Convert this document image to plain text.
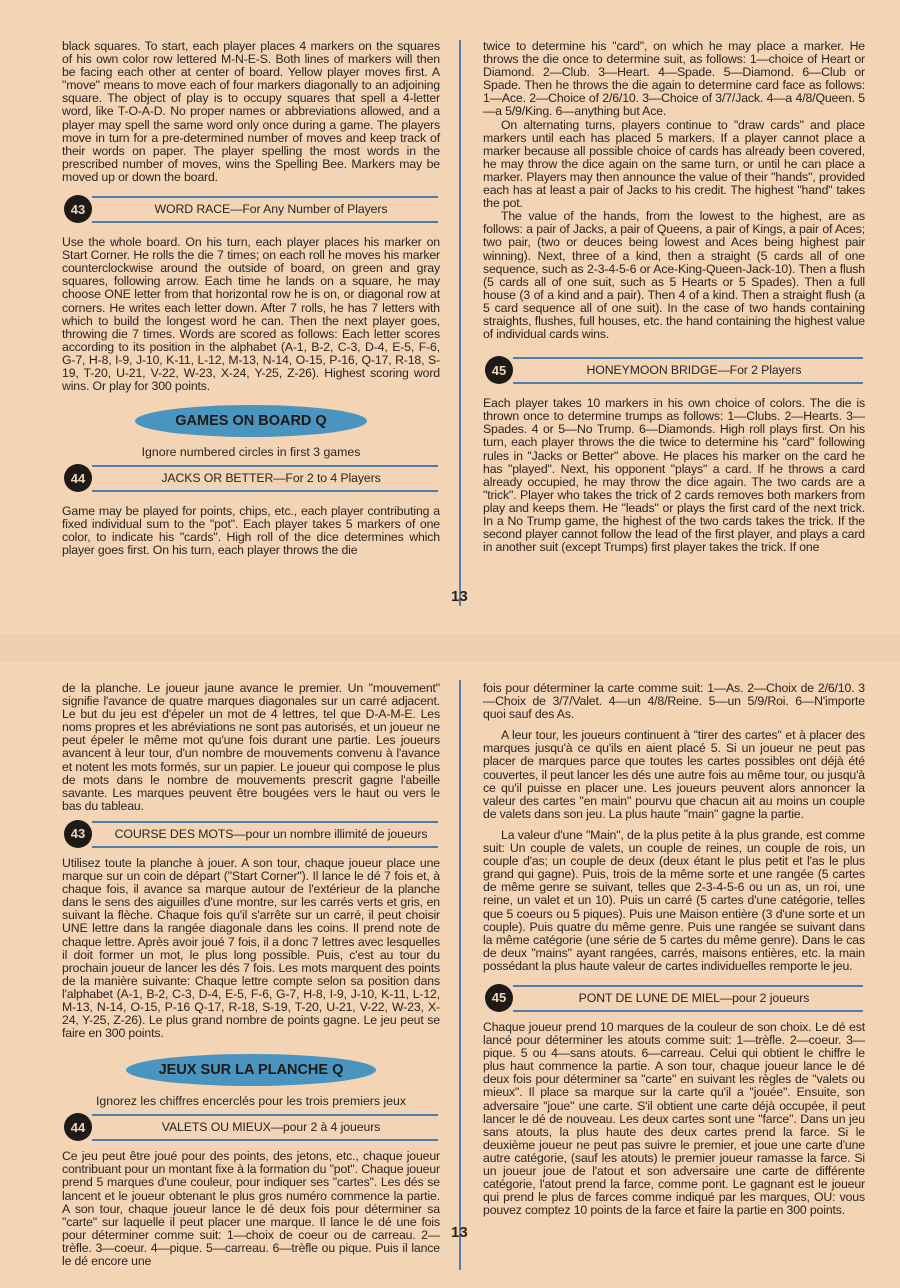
black squares. To start, each player places 4 markers on the squares of his own color row lettered M-N-E-S. Both lines of markers will then be facing each other at center of board. Yellow player moves first. A "move" means to move each of four markers diagonally to an adjoining square. The object of play is to occupy squares that spell a 4-letter word, like T-O-A-D. No proper names or abbreviations allowed, and a player may spell the same word only once during a game. The players move in turn for a pre-determined number of moves and keep track of their words on paper. The player spelling the most words in the prescribed number of moves, wins the Spelling Bee. Markers may be moved up or down the board.

43	WORD RACE—For Any Number of Players

Use the whole board. On his turn, each player places his marker on Start Corner. He rolls the die 7 times; on each roll he moves his marker counterclockwise around the outside of board, on green and gray squares, following arrow. Each time he lands on a square, he may choose ONE letter from that horizontal row he is on, or diagonal row at corners. He writes each letter down. After 7 rolls, he has 7 letters with which to build the longest word he can. Then the next player goes, throwing die 7 times. Words are scored as follows: Each letter scores according to its position in the alphabet (A-1, B-2, C-3, D-4, E-5, F-6, G-7, H-8, I-9, J-10, K-11, L-12, M-13, N-14, O-15, P-16, Q-17, R-18, S-19, T-20, U-21, V-22, W-23, X-24, Y-25, Z-26). Highest scoring word wins. Or play for 300 points.

GAMES ON BOARD Q

Ignore numbered circles in first 3 games

44	JACKS OR BETTER—For 2 to 4 Players

Game may be played for points, chips, etc., each player contributing a fixed individual sum to the "pot". Each player takes 5 markers of one color, to indicate his "cards". High roll of the dice determines which player goes first. On his turn, each player throws the die

13

twice to determine his "card", on which he may place a marker. He throws the die once to determine suit, as follows: 1—choice of Heart or Diamond. 2—Club. 3—Heart. 4—Spade. 5—Diamond. 6—Club or Spade. Then he throws the die again to determine card face as follows: 1—Ace. 2—Choice of 2/6/10. 3—Choice of 3/7/Jack. 4—a 4/8/Queen. 5—a 5/9/King. 6—anything but Ace.

On alternating turns, players continue to "draw cards" and place markers until each has placed 5 markers. If a player cannot place a marker because all possible choice of cards has already been covered, he may throw the dice again on the same turn, or until he can place a marker. Players may then announce the value of their "hands", provided each has at least a pair of Jacks to his credit. The highest "hand" takes the pot.

The value of the hands, from the lowest to the highest, are as follows: a pair of Jacks, a pair of Queens, a pair of Kings, a pair of Aces; two pair, (two or deuces being lowest and Aces being highest pair winning). Next, three of a kind, then a straight (5 cards all of one sequence, such as 2-3-4-5-6 or Ace-King-Queen-Jack-10). Then a flush (5 cards all of one suit, such as 5 Hearts or 5 Spades). Then a full house (3 of a kind and a pair). Then 4 of a kind. Then a straight flush (a 5 card sequence all of one suit). In the case of two hands containing straights, flushes, full houses, etc. the hand containing the highest value of individual cards wins.

45	HONEYMOON BRIDGE—For 2 Players

Each player takes 10 markers in his own choice of colors. The die is thrown once to determine trumps as follows: 1—Clubs. 2—Hearts. 3—Spades. 4 or 5—No Trump. 6—Diamonds. High roll plays first. On his turn, each player throws the die twice to determine his "card" following rules in "Jacks or Better" above. He places his marker on the card he has "played". Next, his opponent "plays" a card. If he throws a card already occupied, he may throw the dice again. The two cards are a "trick". Player who takes the trick of 2 cards removes both markers from play and keeps them. He "leads" or plays the first card of the next trick. In a No Trump game, the highest of the two cards takes the trick. If the second player cannot follow the lead of the first player, and plays a card in another suit (except Trumps) first player takes the trick. If one

de la planche. Le joueur jaune avance le premier. Un "mouvement" signifie l'avance de quatre marques diagonales sur un carré adjacent. Le but du jeu est d'épeler un mot de 4 lettres, tel que D-A-M-E. Les noms propres et les abréviations ne sont pas autorisés, et un joueur ne peut épeler le même mot qu'une fois durant une partie. Les joueurs avancent à leur tour, d'un nombre de mouvements convenu à l'avance et notent les mots formés, sur un papier. Le joueur qui compose le plus de mots dans le nombre de mouvements prescrit gagne l'abeille savante. Les marques peuvent être bougées vers le haut ou vers le bas du tableau.

43	COURSE DES MOTS—pour un nombre illimité de joueurs

Utilisez toute la planche à jouer. A son tour, chaque joueur place une marque sur un coin de départ ("Start Corner"). Il lance le dé 7 fois et, à chaque fois, il avance sa marque autour de l'extérieur de la planche dans le sens des aiguilles d'une montre, sur les carrés verts et gris, en suivant la flèche. Chaque fois qu'il s'arrête sur un carré, il peut choisir UNE lettre dans la rangée diagonale dans les coins. Il prend note de chaque lettre. Après avoir joué 7 fois, il a donc 7 lettres avec lesquelles il doit former un mot, le plus long possible. Puis, c'est au tour du prochain joueur de lancer les dés 7 fois. Les mots marquent des points de la manière suivante: Chaque lettre compte selon sa position dans l'alphabet (A-1, B-2, C-3, D-4, E-5, F-6, G-7, H-8, I-9, J-10, K-11, L-12, M-13, N-14, O-15, P-16 Q-17, R-18, S-19, T-20, U-21, V-22, W-23, X-24, Y-25, Z-26). Le plus grand nombre de points gagne. Le jeu peut se faire en 300 points.

JEUX SUR LA PLANCHE Q

Ignorez les chiffres encerclés pour les trois premiers jeux

44	VALETS OU MIEUX—pour 2 à 4 joueurs

Ce jeu peut être joué pour des points, des jetons, etc., chaque joueur contribuant pour un montant fixe à la formation du "pot". Chaque joueur prend 5 marques d'une couleur, pour indiquer ses "cartes". Les dés se lancent et le joueur obtenant le plus gros numéro commence la partie. A son tour, chaque joueur lance le dé deux fois pour déterminer sa "carte" sur laquelle il peut placer une marque. Il lance le dé une fois pour déterminer comme suit: 1—choix de coeur ou de carreau. 2—trèfle. 3—coeur. 4—pique. 5—carreau. 6—trèfle ou pique. Puis il lance le dé encore une

13

fois pour déterminer la carte comme suit: 1—As. 2—Choix de 2/6/10. 3—Choix de 3/7/Valet. 4—un 4/8/Reine. 5—un 5/9/Roi. 6—N'importe quoi sauf des As.

A leur tour, les joueurs continuent à "tirer des cartes" et à placer des marques jusqu'à ce qu'ils en aient placé 5. Si un joueur ne peut pas placer de marques parce que toutes les cartes possibles ont déjà été couvertes, il peut lancer les dés une autre fois au même tour, ou jusqu'à ce qu'il puisse en placer une. Les joueurs peuvent alors annoncer la valeur des cartes "en main" pourvu que chacun ait au moins un couple de valets dans son jeu. La plus haute "main" gagne la partie.

La valeur d'une "Main", de la plus petite à la plus grande, est comme suit: Un couple de valets, un couple de reines, un couple de rois, un couple d'as; un couple de deux (deux étant le plus petit et l'as le plus grand qui gagne). Puis, trois de la même sorte et une rangée (5 cartes de même genre se suivant, telles que 2-3-4-5-6 ou un as, un roi, une reine, un valet et un 10). Puis un carré (5 cartes d'une catégorie, telles que 5 coeurs ou 5 piques). Puis une Maison entière (3 d'une sorte et un couple). Puis quatre du même genre. Puis une rangée se suivant dans la même catégorie (une série de 5 cartes du même genre). Dans le cas de deux "mains" ayant rangées, carrés, maisons entières, etc. la main possédant la plus haute valeur de cartes individuelles remporte le jeu.

45	PONT DE LUNE DE MIEL—pour 2 joueurs

Chaque joueur prend 10 marques de la couleur de son choix. Le dé est lancé pour déterminer les atouts comme suit: 1—trèfle. 2—coeur. 3—pique. 5 ou 4—sans atouts. 6—carreau. Celui qui obtient le chiffre le plus haut commence la partie. A son tour, chaque joueur lance le dé deux fois pour déterminer sa "carte" en suivant les règles de "valets ou mieux". Il place sa marque sur la carte qu'il a "jouée". Ensuite, son adversaire "joue" une carte. S'il obtient une carte déjà occupée, il peut lancer le dé de nouveau. Les deux cartes sont une "farce". Dans un jeu sans atouts, la plus haute des deux cartes prend la farce. Si le deuxième joueur ne peut pas suivre le premier, et joue une carte d'une autre catégorie, (sauf les atouts) le premier joueur ramasse la farce. Si un joueur joue de l'atout et son adversaire une carte de différente catégorie, l'atout prend la farce, comme pont. Le gagnant est le joueur qui prend le plus de farces comme indiqué par les marques, OU: vous pouvez comptez 10 points de la farce et faire la partie en 300 points.
